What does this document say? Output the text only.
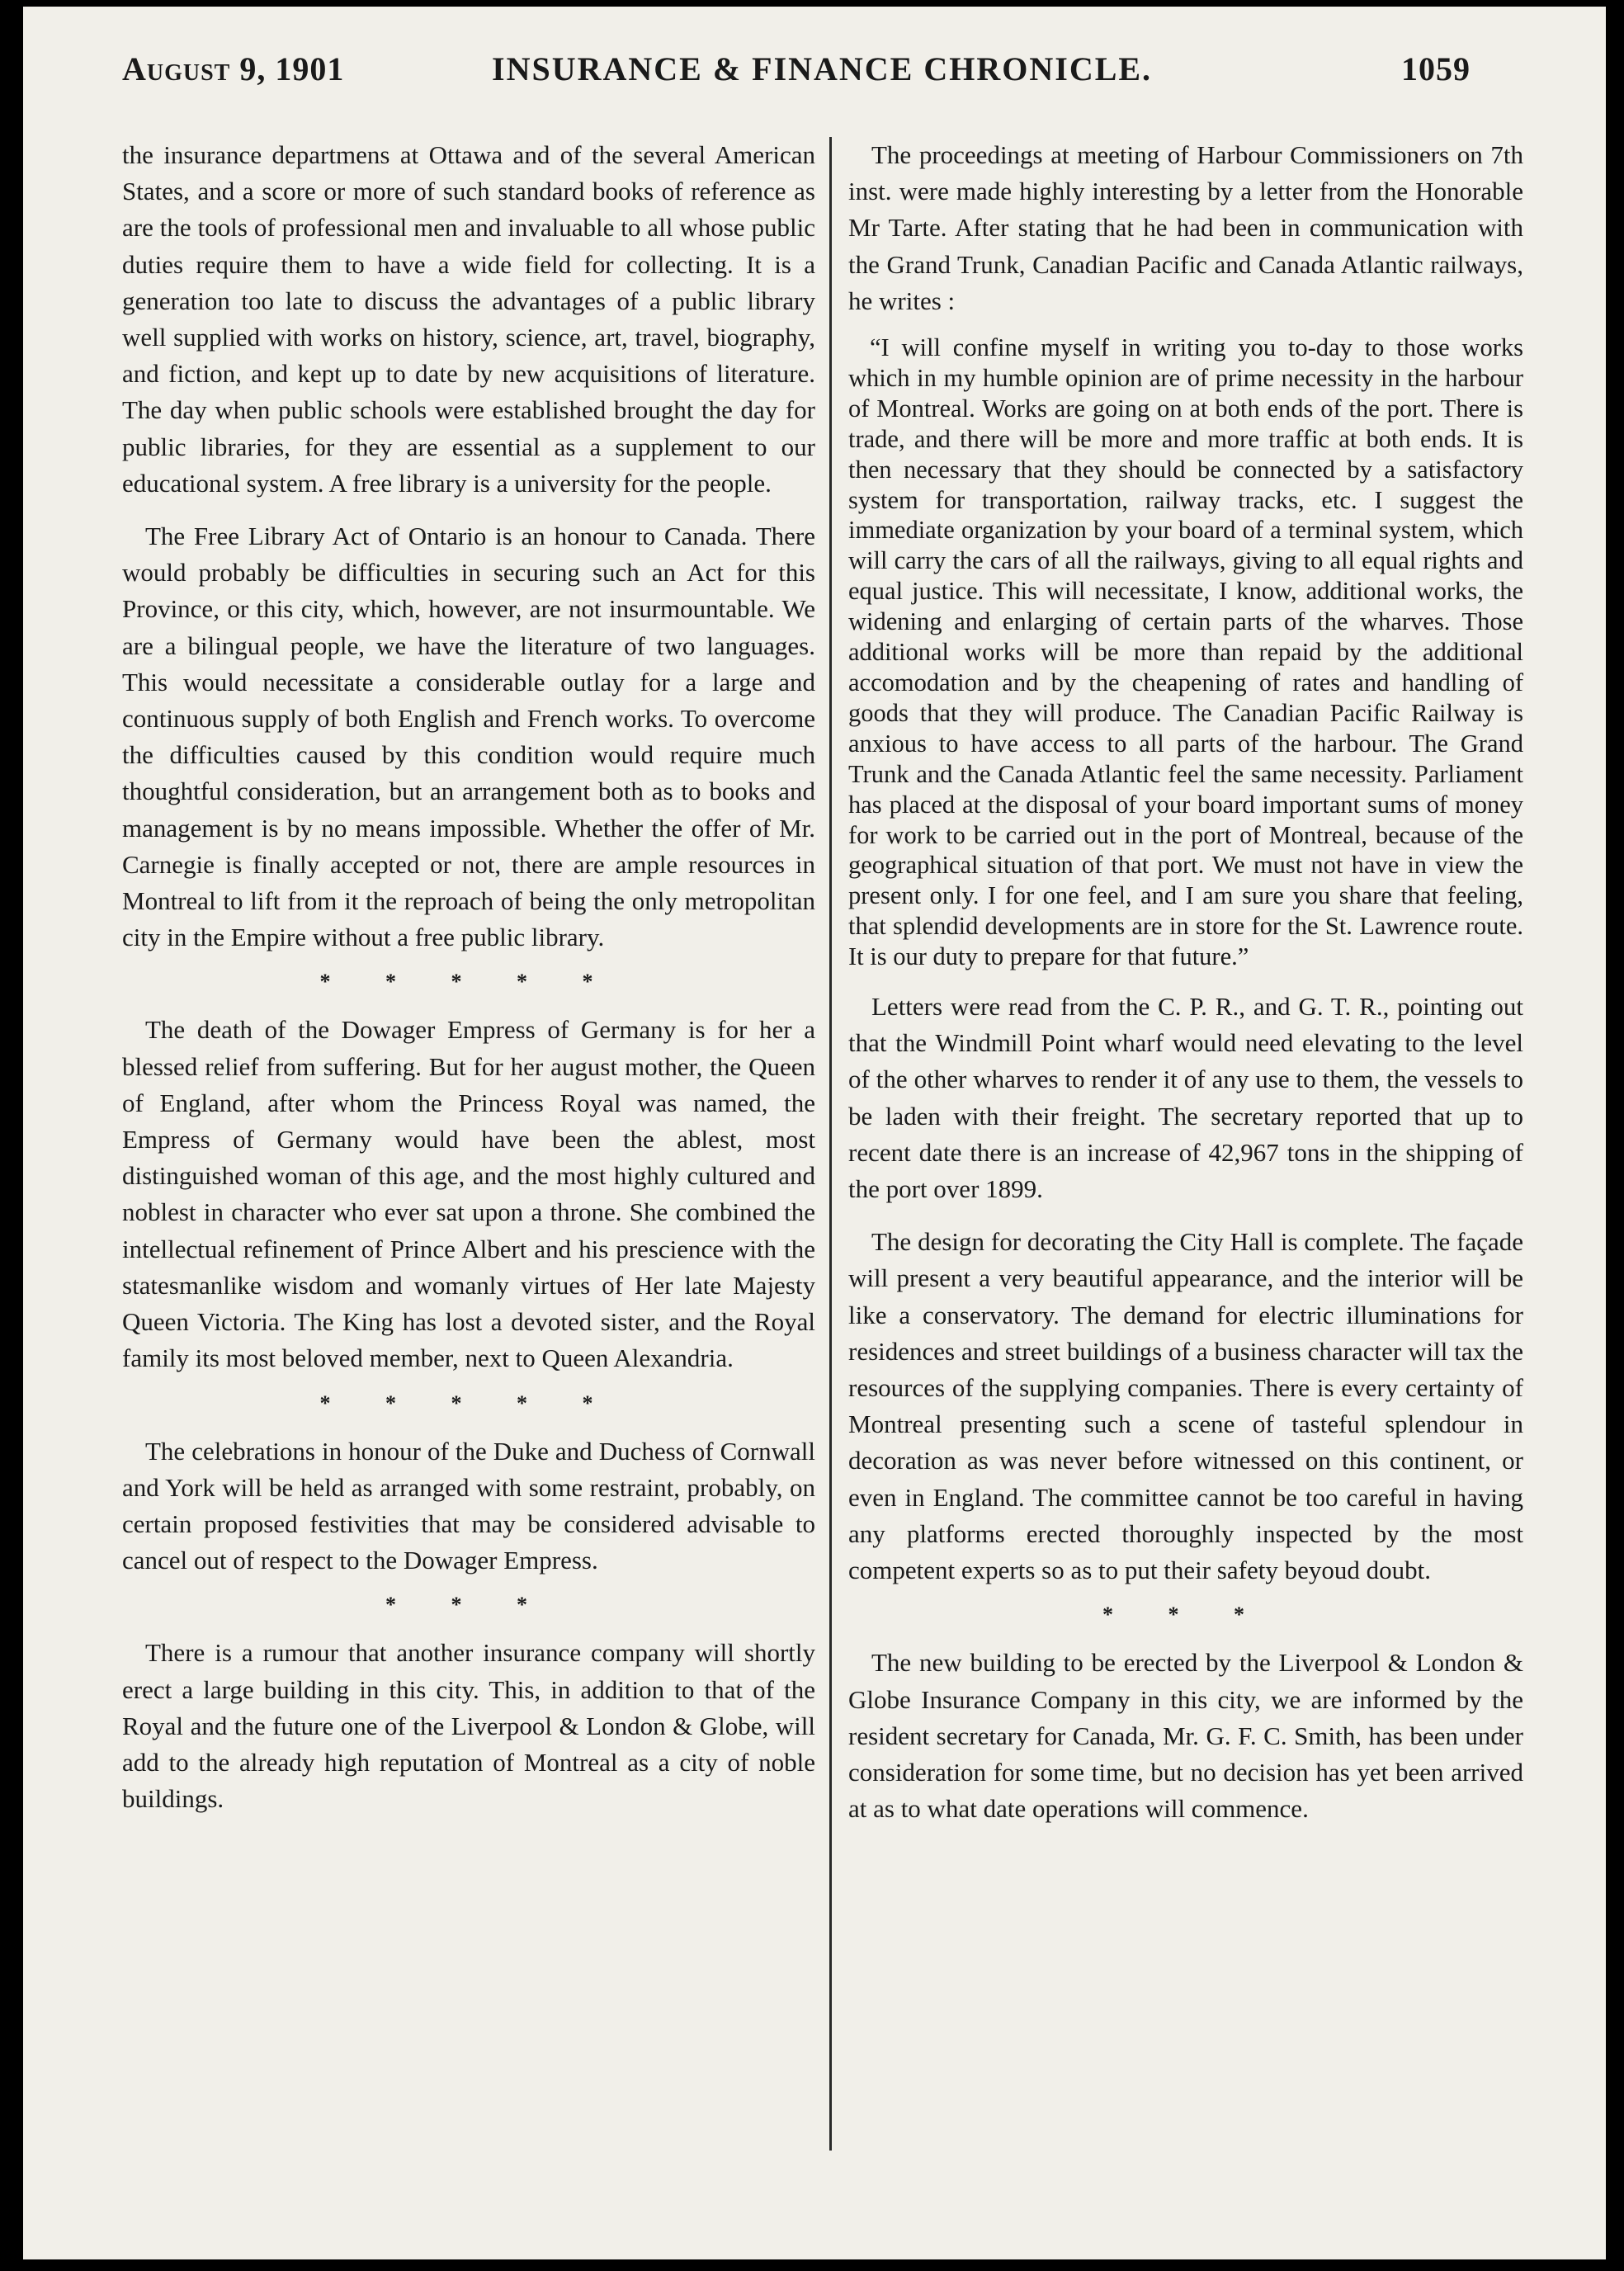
August 9, 1901	INSURANCE & FINANCE CHRONICLE.	1059

the insurance departmens at Ottawa and of the several American States, and a score or more of such standard books of reference as are the tools of professional men and invaluable to all whose public duties require them to have a wide field for collecting. It is a generation too late to discuss the advantages of a public library well supplied with works on history, science, art, travel, biography, and fiction, and kept up to date by new acquisitions of literature. The day when public schools were established brought the day for public libraries, for they are essential as a supplement to our educational system. A free library is a university for the people.

The Free Library Act of Ontario is an honour to Canada. There would probably be difficulties in securing such an Act for this Province, or this city, which, however, are not insurmountable. We are a bilingual people, we have the literature of two languages. This would necessitate a considerable outlay for a large and continuous supply of both English and French works. To overcome the difficulties caused by this condition would require much thoughtful consideration, but an arrangement both as to books and management is by no means impossible. Whether the offer of Mr. Carnegie is finally accepted or not, there are ample resources in Montreal to lift from it the reproach of being the only metropolitan city in the Empire without a free public library.

* * * * *

The death of the Dowager Empress of Germany is for her a blessed relief from suffering. But for her august mother, the Queen of England, after whom the Princess Royal was named, the Empress of Germany would have been the ablest, most distinguished woman of this age, and the most highly cultured and noblest in character who ever sat upon a throne. She combined the intellectual refinement of Prince Albert and his prescience with the statesmanlike wisdom and womanly virtues of Her late Majesty Queen Victoria. The King has lost a devoted sister, and the Royal family its most beloved member, next to Queen Alexandria.

* * * * *

The celebrations in honour of the Duke and Duchess of Cornwall and York will be held as arranged with some restraint, probably, on certain proposed festivities that may be considered advisable to cancel out of respect to the Dowager Empress.

* * *

There is a rumour that another insurance company will shortly erect a large building in this city. This, in addition to that of the Royal and the future one of the Liverpool & London & Globe, will add to the already high reputation of Montreal as a city of noble buildings.

The proceedings at meeting of Harbour Commissioners on 7th inst. were made highly interesting by a letter from the Honorable Mr Tarte. After stating that he had been in communication with the Grand Trunk, Canadian Pacific and Canada Atlantic railways, he writes :

“I will confine myself in writing you to-day to those works which in my humble opinion are of prime necessity in the harbour of Montreal. Works are going on at both ends of the port. There is trade, and there will be more and more traffic at both ends. It is then necessary that they should be connected by a satisfactory system for transportation, railway tracks, etc. I suggest the immediate organization by your board of a terminal system, which will carry the cars of all the railways, giving to all equal rights and equal justice. This will necessitate, I know, additional works, the widening and enlarging of certain parts of the wharves. Those additional works will be more than repaid by the additional accomodation and by the cheapening of rates and handling of goods that they will produce. The Canadian Pacific Railway is anxious to have access to all parts of the harbour. The Grand Trunk and the Canada Atlantic feel the same necessity. Parliament has placed at the disposal of your board important sums of money for work to be carried out in the port of Montreal, because of the geographical situation of that port. We must not have in view the present only. I for one feel, and I am sure you share that feeling, that splendid developments are in store for the St. Lawrence route. It is our duty to prepare for that future.”

Letters were read from the C. P. R., and G. T. R., pointing out that the Windmill Point wharf would need elevating to the level of the other wharves to render it of any use to them, the vessels to be laden with their freight. The secretary reported that up to recent date there is an increase of 42,967 tons in the shipping of the port over 1899.

The design for decorating the City Hall is complete. The façade will present a very beautiful appearance, and the interior will be like a conservatory. The demand for electric illuminations for residences and street buildings of a business character will tax the resources of the supplying companies. There is every certainty of Montreal presenting such a scene of tasteful splendour in decoration as was never before witnessed on this continent, or even in England. The committee cannot be too careful in having any platforms erected thoroughly inspected by the most competent experts so as to put their safety beyoud doubt.

* * *

The new building to be erected by the Liverpool & London & Globe Insurance Company in this city, we are informed by the resident secretary for Canada, Mr. G. F. C. Smith, has been under consideration for some time, but no decision has yet been arrived at as to what date operations will commence.
